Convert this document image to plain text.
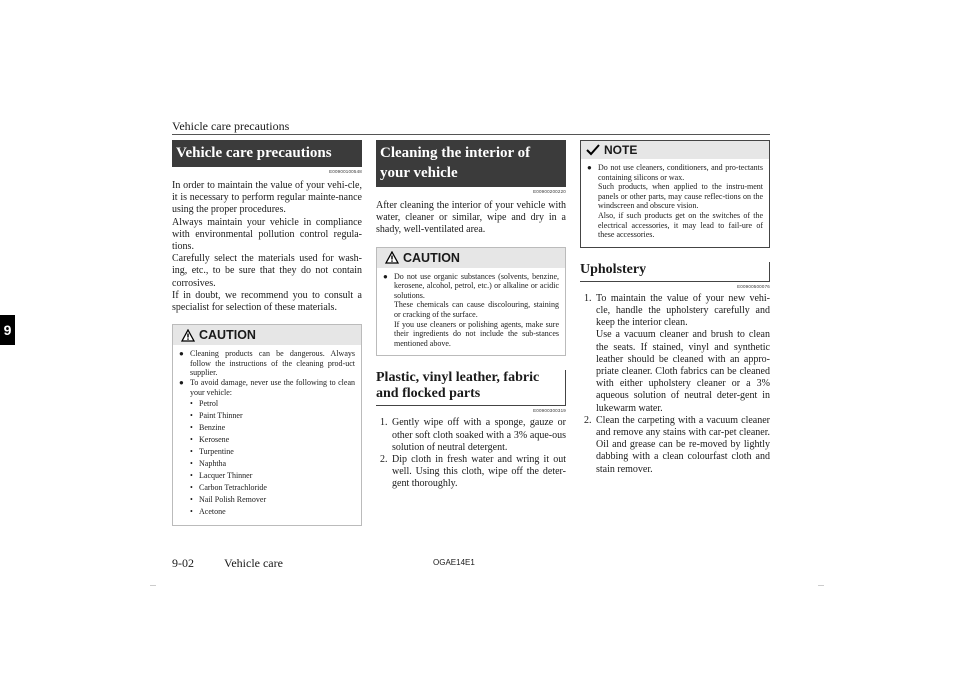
Vehicle care precautions
9
Vehicle care precautions
E00900100548

In order to maintain the value of your vehi-cle, it is necessary to perform regular mainte-nance using the proper procedures.

Always maintain your vehicle in compliance with environmental pollution control regula-tions.

Carefully select the materials used for wash-ing, etc., to be sure that they do not contain corrosives.

If in doubt, we recommend you to consult a specialist for selection of these materials.

CAUTION
● Cleaning products can be dangerous. Always follow the instructions of the cleaning prod-uct supplier.
● To avoid damage, never use the following to clean your vehicle:
• Petrol
• Paint Thinner
• Benzine
• Kerosene
• Turpentine
• Naphtha
• Lacquer Thinner
• Carbon Tetrachloride
• Nail Polish Remover
• Acetone
Cleaning the interior of your vehicle
E00900200220

After cleaning the interior of your vehicle with water, cleaner or similar, wipe and dry in a shady, well-ventilated area.

CAUTION
● Do not use organic substances (solvents, benzine, kerosene, alcohol, petrol, etc.) or alkaline or acidic solutions.
These chemicals can cause discolouring, staining or cracking of the surface.
If you use cleaners or polishing agents, make sure their ingredients do not include the sub-stances mentioned above.
Plastic, vinyl leather, fabric and flocked parts
E00900300319
1. Gently wipe off with a sponge, gauze or other soft cloth soaked with a 3% aque-ous solution of neutral detergent.
2. Dip cloth in fresh water and wring it out well. Using this cloth, wipe off the deter-gent thoroughly.
NOTE
● Do not use cleaners, conditioners, and pro-tectants containing silicons or wax.
Such products, when applied to the instru-ment panels or other parts, may cause reflec-tions on the windscreen and obscure vision.
Also, if such products get on the switches of the electrical accessories, it may lead to fail-ure of these accessories.
Upholstery
E00900500076
1. To maintain the value of your new vehi-cle, handle the upholstery carefully and keep the interior clean.
Use a vacuum cleaner and brush to clean the seats. If stained, vinyl and synthetic leather should be cleaned with an appro-priate cleaner. Cloth fabrics can be cleaned with either upholstery cleaner or a 3% aqueous solution of neutral deter-gent in lukewarm water.
2. Clean the carpeting with a vacuum cleaner and remove any stains with car-pet cleaner. Oil and grease can be re-moved by lightly dabbing with a clean colourfast cloth and stain remover.
9-02	Vehicle care	OGAE14E1
